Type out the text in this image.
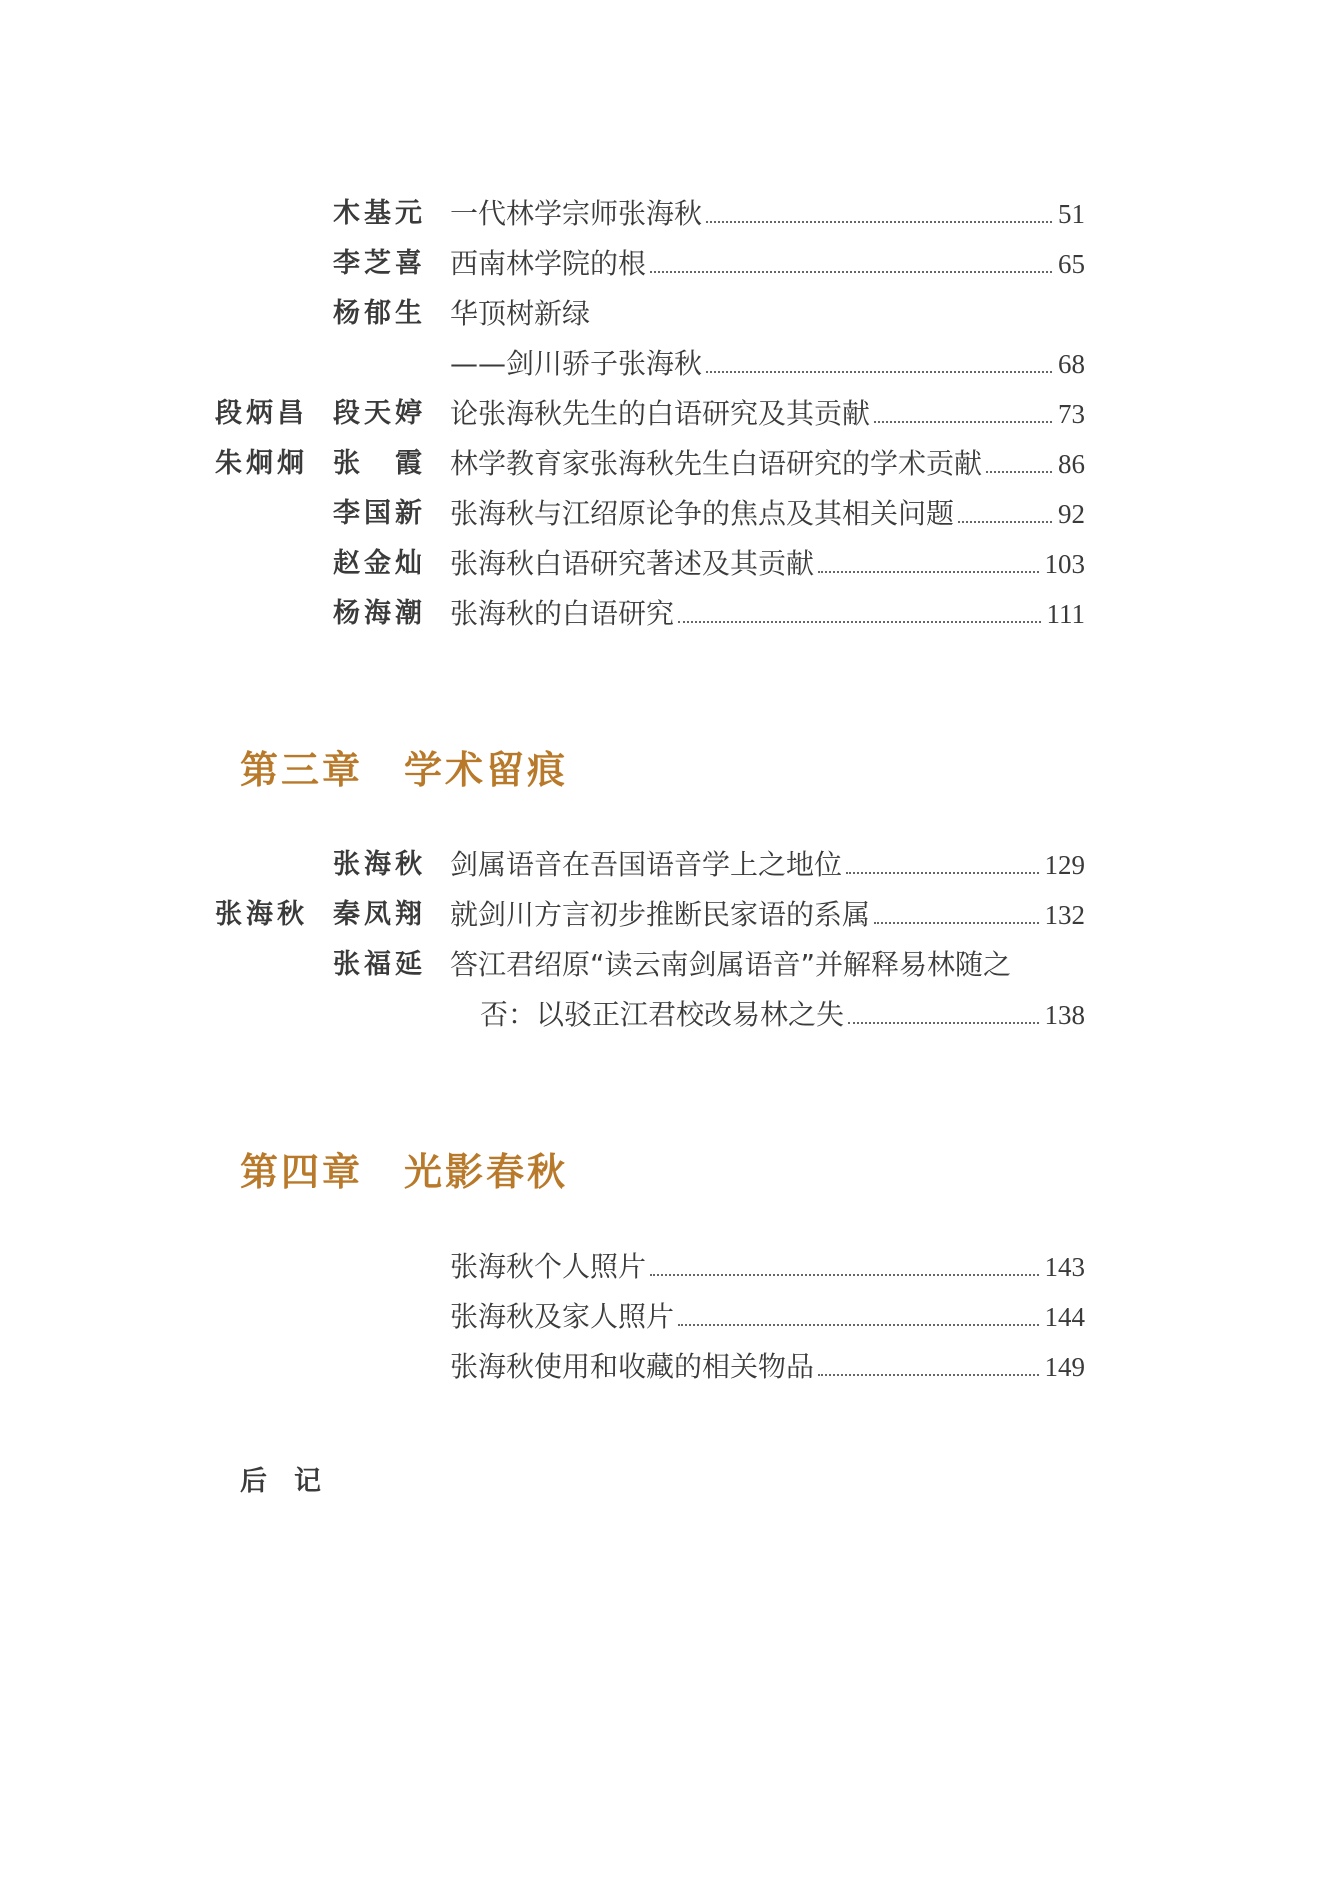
木基元 一代林学宗师张海秋	51
李芝喜 西南林学院的根	65
杨郁生 华顶树新绿
——剑川骄子张海秋	68
段炳昌 段天婷 论张海秋先生的白语研究及其贡献	73
朱炯炯 张　霞 林学教育家张海秋先生白语研究的学术贡献	86
李国新 张海秋与江绍原论争的焦点及其相关问题	92
赵金灿 张海秋白语研究著述及其贡献	103
杨海潮 张海秋的白语研究	111
第三章　学术留痕
张海秋 剑属语音在吾国语音学上之地位	129
张海秋 秦凤翔 就剑川方言初步推断民家语的系属	132
张福延 答江君绍原“读云南剑属语音”并解释易林随之
否：以驳正江君校改易林之失	138
第四章　光影春秋
张海秋个人照片	143
张海秋及家人照片	144
张海秋使用和收藏的相关物品	149
后　记
